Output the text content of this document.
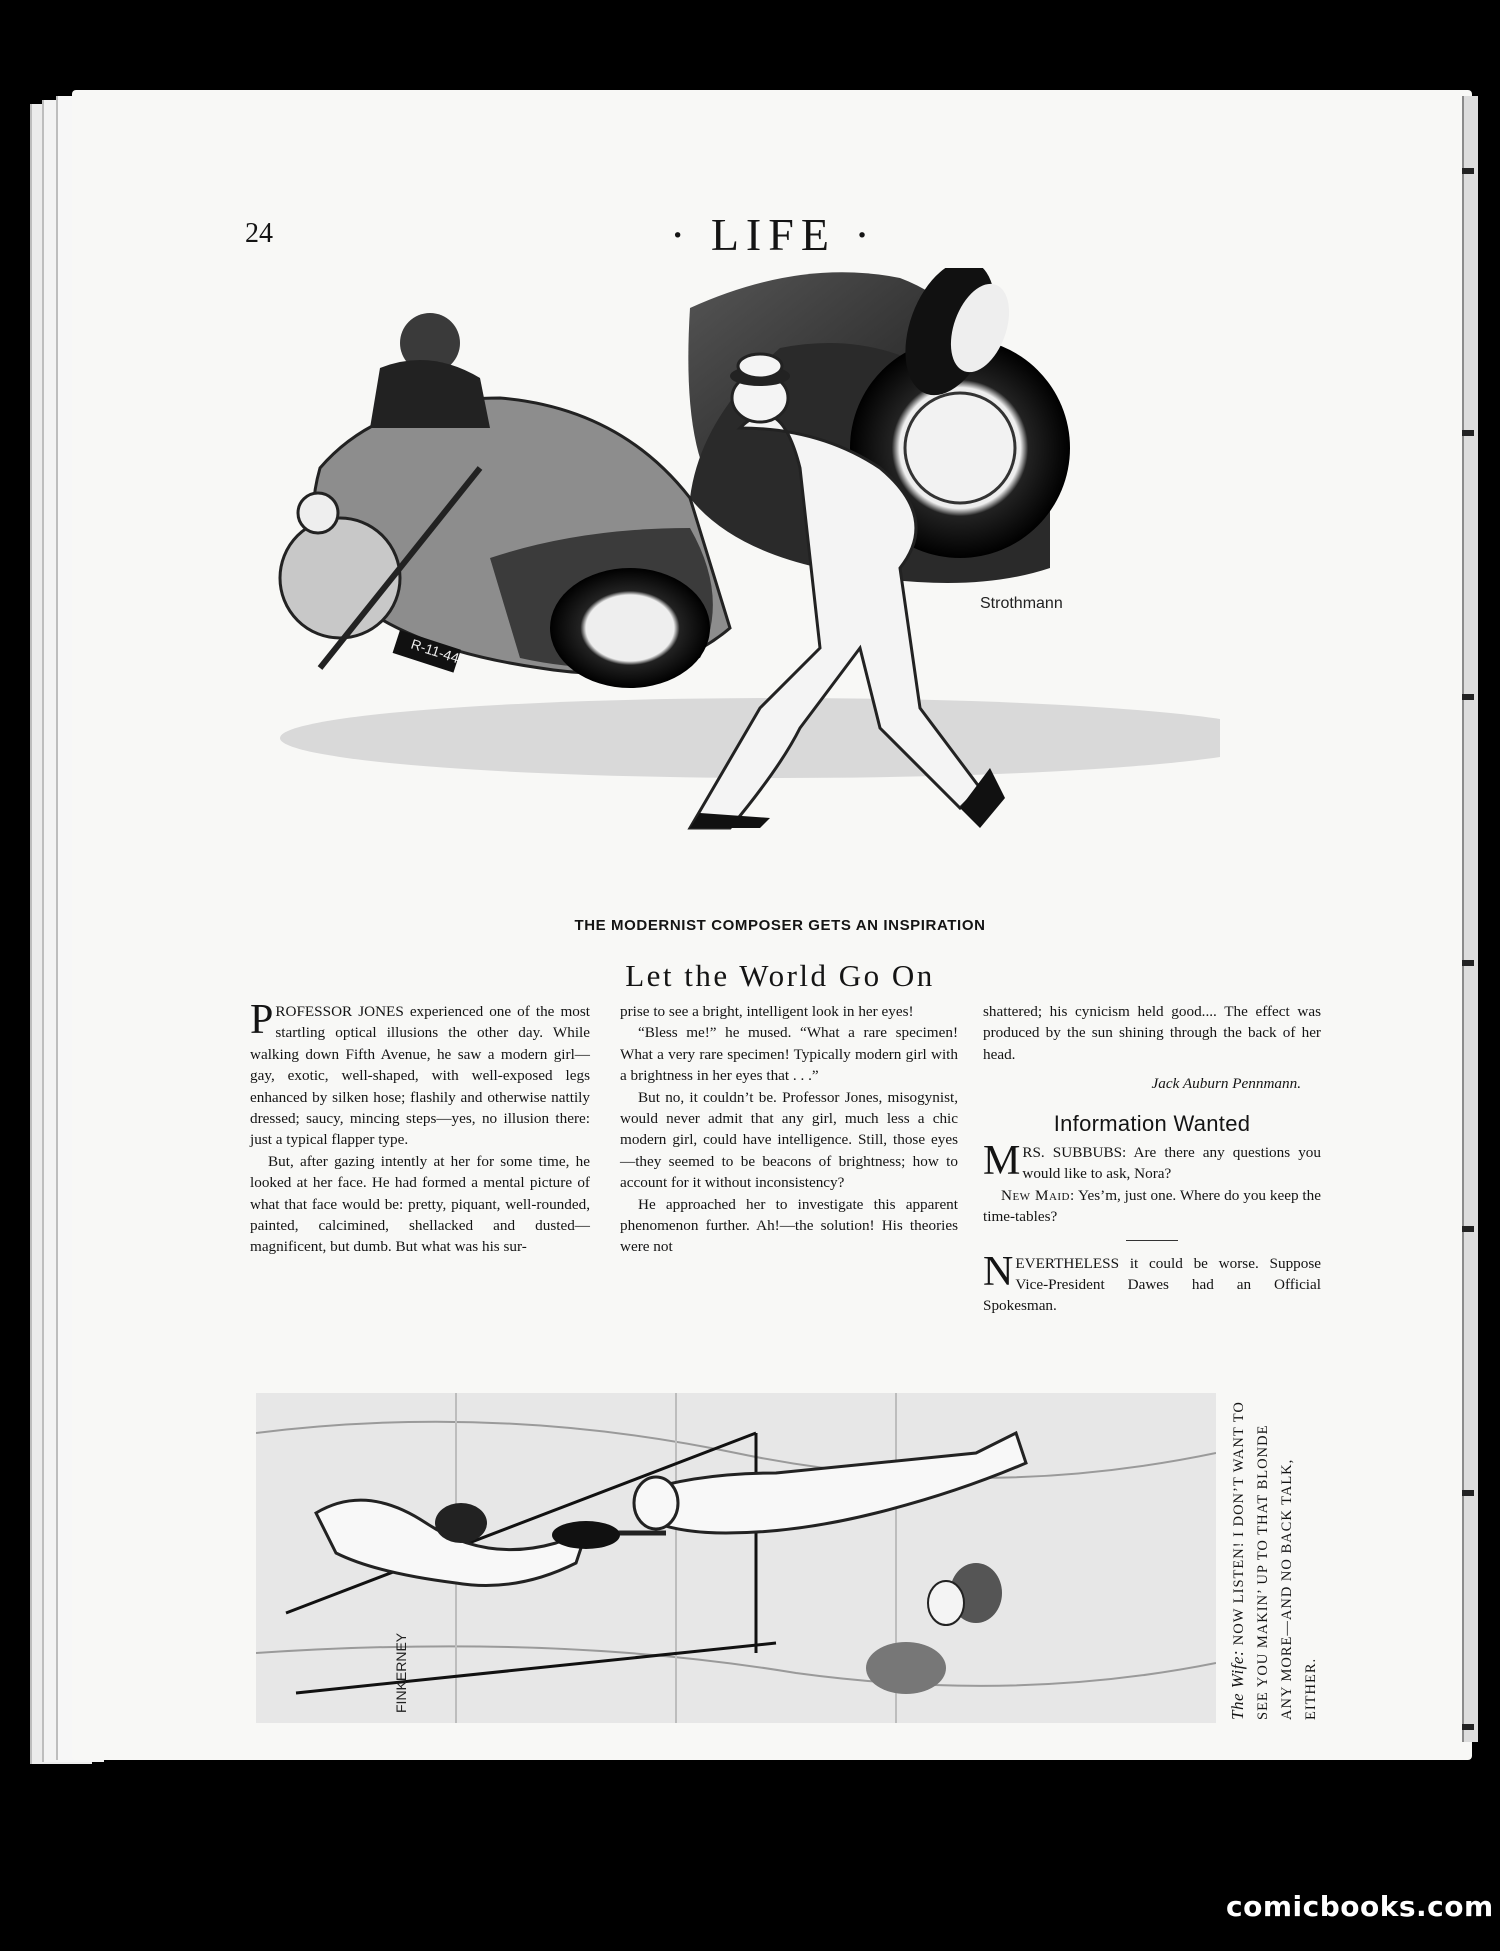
24	· LIFE ·
R-11-44
Strothmann
THE MODERNIST COMPOSER GETS AN INSPIRATION
Let the World Go On

PROFESSOR JONES experienced one of the most startling optical illusions the other day. While walking down Fifth Avenue, he saw a modern girl—gay, exotic, well-shaped, with well-exposed legs enhanced by silken hose; flashily and otherwise nattily dressed; saucy, mincing steps—yes, no illusion there: just a typical flapper type.

But, after gazing intently at her for some time, he looked at her face. He had formed a mental picture of what that face would be: pretty, piquant, well-rounded, painted, calcimined, shellacked and dusted—magnificent, but dumb. But what was his sur-

prise to see a bright, intelligent look in her eyes!

“Bless me!” he mused. “What a rare specimen! What a very rare specimen! Typically modern girl with a brightness in her eyes that . . .”

But no, it couldn’t be. Professor Jones, misogynist, would never admit that any girl, much less a chic modern girl, could have intelligence. Still, those eyes—they seemed to be beacons of brightness; how to account for it without inconsistency?

He approached her to investigate this apparent phenomenon further. Ah!—the solution! His theories were not

shattered; his cynicism held good.... The effect was produced by the sun shining through the back of her head.

Jack Auburn Pennmann.
Information Wanted

MRS. SUBBUBS: Are there any questions you would like to ask, Nora?

New Maid: Yes’m, just one. Where do you keep the time-tables?

NEVERTHELESS it could be worse. Suppose Vice-President Dawes had an Official Spokesman.

FINKERNEY	The Wife: NOW LISTEN! I DON’T WANT TO SEE YOU MAKIN’ UP TO THAT BLONDE ANY MORE—AND NO BACK TALK, EITHER.
comicbooks.com
